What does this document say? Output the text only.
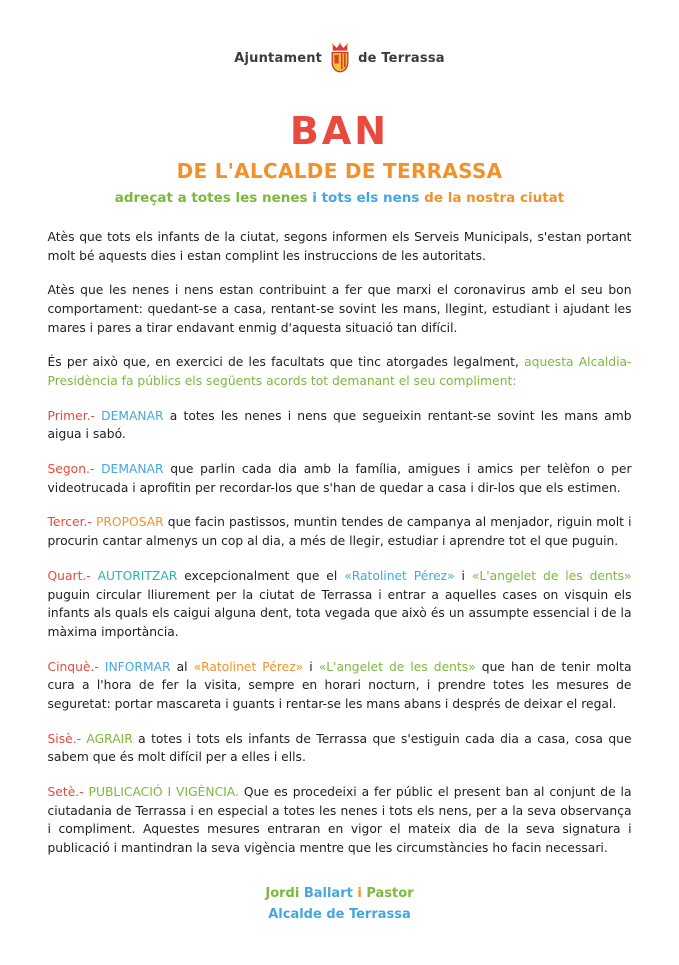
Ajuntament	de Terrassa
BAN
DE L'ALCALDE DE TERRASSA
adreçat a totes les nenes i tots els nens de la nostra ciutat

Atès que tots els infants de la ciutat, segons informen els Serveis Municipals, s'estan portant molt bé aquests dies i estan complint les instruccions de les autoritats.

Atès que les nenes i nens estan contribuint a fer que marxi el coronavirus amb el seu bon comportament: quedant-se a casa, rentant-se sovint les mans, llegint, estudiant i ajudant les mares i pares a tirar endavant enmig d'aquesta situació tan difícil.

És per això que, en exercici de les facultats que tinc atorgades legalment, aquesta Alcaldia-Presidència fa públics els següents acords tot demanant el seu compliment:

Primer.- DEMANAR a totes les nenes i nens que segueixin rentant-se sovint les mans amb aigua i sabó.

Segon.- DEMANAR que parlin cada dia amb la família, amigues i amics per telèfon o per videotrucada i aprofitin per recordar-los que s'han de quedar a casa i dir-los que els estimen.

Tercer.- PROPOSAR que facin pastissos, muntin tendes de campanya al menjador, riguin molt i procurin cantar almenys un cop al dia, a més de llegir, estudiar i aprendre tot el que puguin.

Quart.- AUTORITZAR excepcionalment que el «Ratolinet Pérez» i «L'angelet de les dents» puguin circular lliurement per la ciutat de Terrassa i entrar a aquelles cases on visquin els infants als quals els caigui alguna dent, tota vegada que això és un assumpte essencial i de la màxima importància.

Cinquè.- INFORMAR al «Ratolinet Pérez» i «L'angelet de les dents» que han de tenir molta cura a l'hora de fer la visita, sempre en horari nocturn, i prendre totes les mesures de seguretat: portar mascareta i guants i rentar-se les mans abans i després de deixar el regal.

Sisè.- AGRAIR a totes i tots els infants de Terrassa que s'estiguin cada dia a casa, cosa que sabem que és molt difícil per a elles i ells.

Setè.- PUBLICACIÓ I VIGÈNCIA. Que es procedeixi a fer públic el present ban al conjunt de la ciutadania de Terrassa i en especial a totes les nenes i tots els nens, per a la seva observança i compliment. Aquestes mesures entraran en vigor el mateix dia de la seva signatura i publicació i mantindran la seva vigència mentre que les circumstàncies ho facin necessari.

Jordi Ballart i Pastor
Alcalde de Terrassa
